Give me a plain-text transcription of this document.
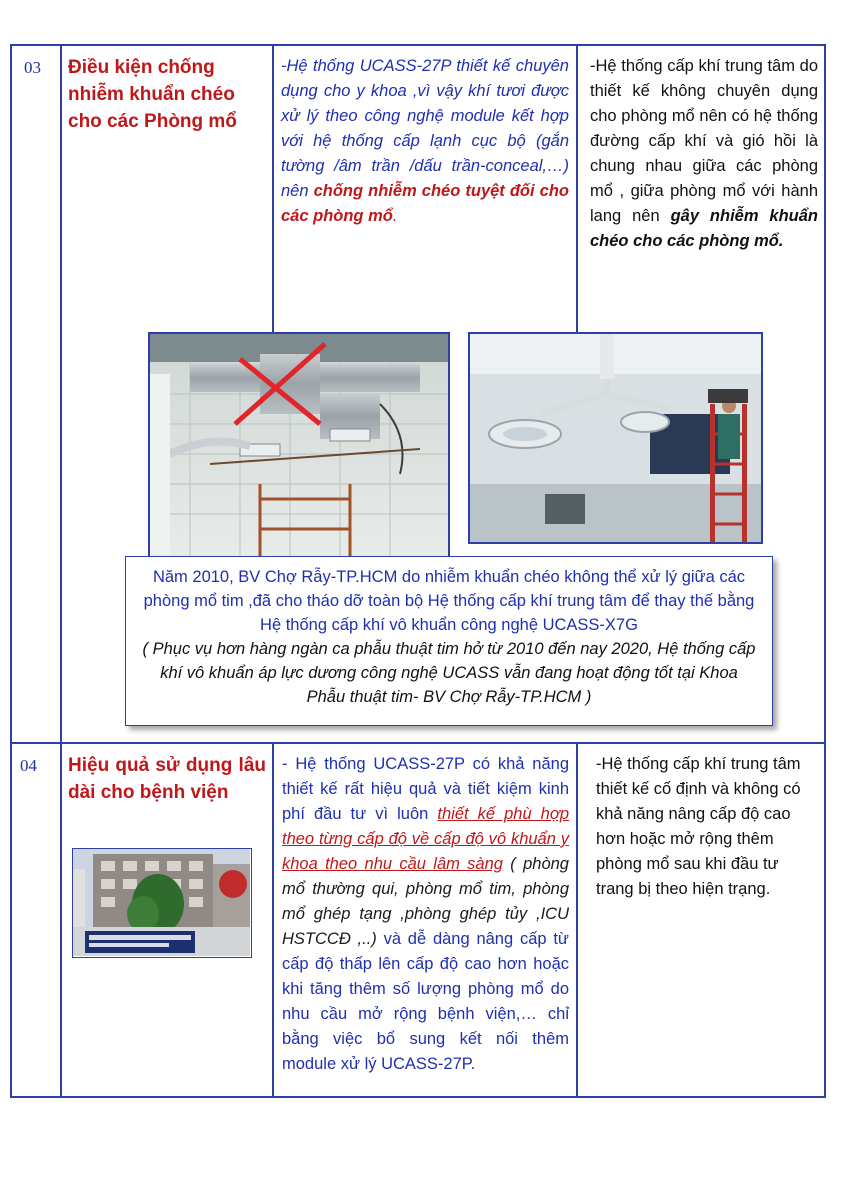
03 Điều kiện chống nhiễm khuẩn chéo cho các Phòng mổ
-Hệ thống UCASS-27P thiết kế chuyên dụng cho y khoa ,vì vậy khí tươi được xử lý theo công nghệ module kết hợp với hệ thống cấp lạnh cục bộ (gắn tường /âm trần /dấu trần-conceal,…) nên chống nhiễm chéo tuyệt đối cho các phòng mổ.
-Hệ thống cấp khí trung tâm do thiết kế không chuyên dụng cho phòng mổ nên có hệ thống đường cấp khí và gió hồi là chung nhau giữa các phòng mổ , giữa phòng mổ với hành lang nên gây nhiễm khuẩn chéo cho các phòng mổ.
Năm 2010, BV Chợ Rẫy-TP.HCM do nhiễm khuẩn chéo không thể xử lý giữa các phòng mổ tim ,đã cho tháo dỡ toàn bộ Hệ thống cấp khí trung tâm để thay thế bằng Hệ thống cấp khí vô khuẩn công nghệ UCASS-X7G
( Phục vụ hơn hàng ngàn ca phẫu thuật tim hở từ 2010 đến nay 2020, Hệ thống cấp khí vô khuẩn áp lực dương công nghệ UCASS vẫn đang hoạt động tốt tại Khoa Phẫu thuật tim- BV Chợ Rẫy-TP.HCM )
04 Hiệu quả sử dụng lâu dài cho bệnh viện
- Hệ thống UCASS-27P có khả năng thiết kế rất hiệu quả và tiết kiệm kinh phí đầu tư vì luôn thiết kế phù hợp theo từng cấp độ về cấp độ vô khuẩn y khoa theo nhu cầu lâm sàng ( phòng mổ thường qui, phòng mổ tim, phòng mổ ghép tạng ,phòng ghép tủy ,ICU HSTCCĐ ,..) và dễ dàng nâng cấp từ cấp độ thấp lên cấp độ cao hơn hoặc khi tăng thêm số lượng phòng mổ do nhu cầu mở rộng bệnh viện,… chỉ bằng việc bổ sung kết nối thêm module xử lý UCASS-27P.
-Hệ thống cấp khí trung tâm thiết kế cố định và không có khả năng nâng cấp độ cao hơn hoặc mở rộng thêm phòng mổ sau khi đầu tư trang bị theo hiện trạng.
